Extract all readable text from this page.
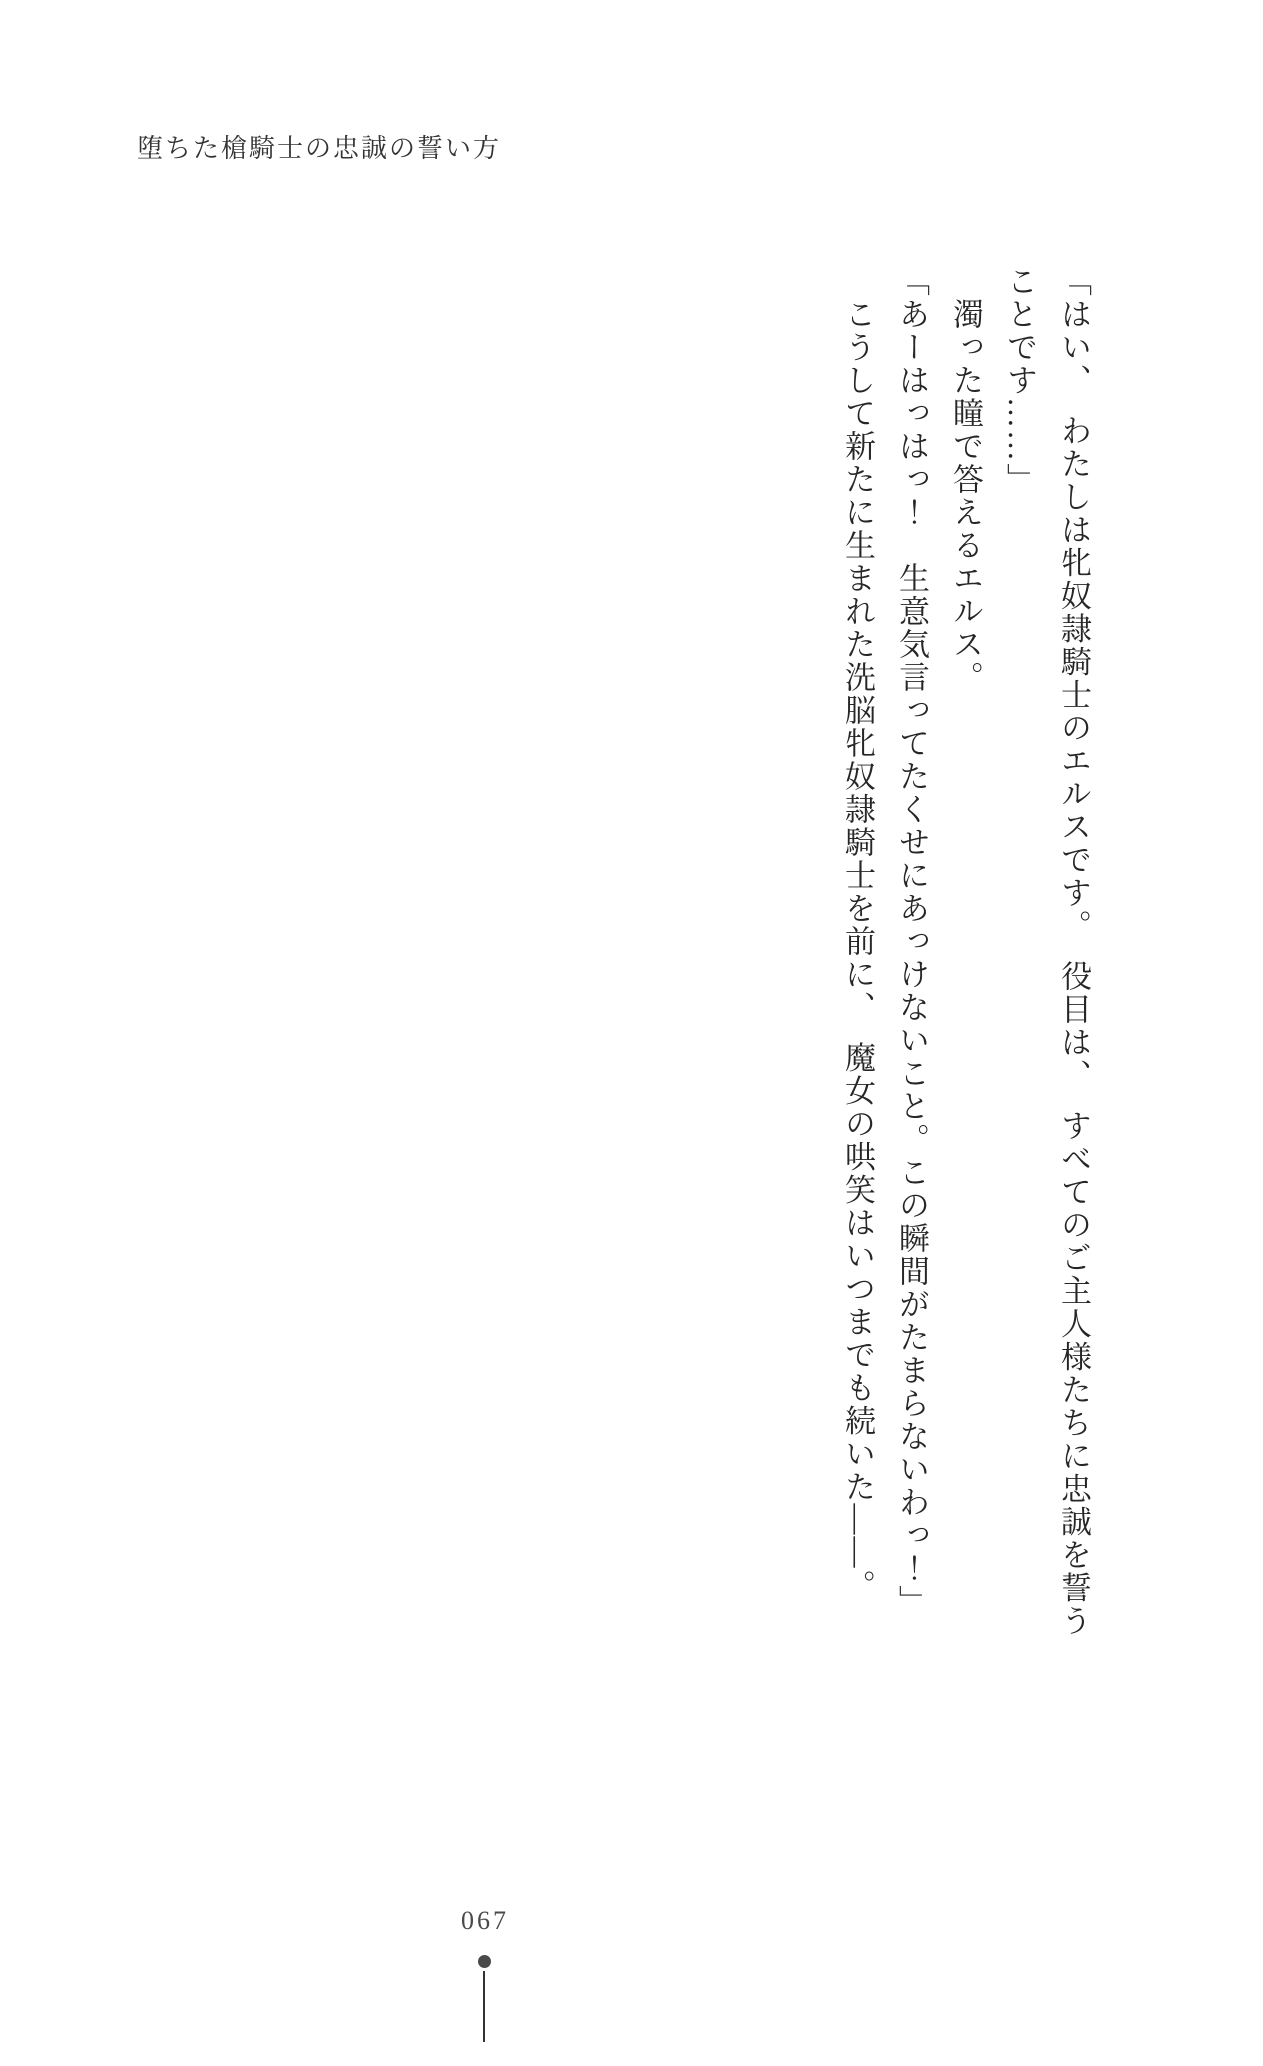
堕ちた槍騎士の忠誠の誓い方

「はい、　わたしは牝奴隷騎士のエルスです。　役目は、　すべてのご主人様たちに忠誠を誓う

ことです……」

　濁った瞳で答えるエルス。

「あーはっはっ！　生意気言ってたくせにあっけないこと。この瞬間がたまらないわっ！」

　こうして新たに生まれた洗脳牝奴隷騎士を前に、　魔女の哄笑はいつまでも続いた――。

067
